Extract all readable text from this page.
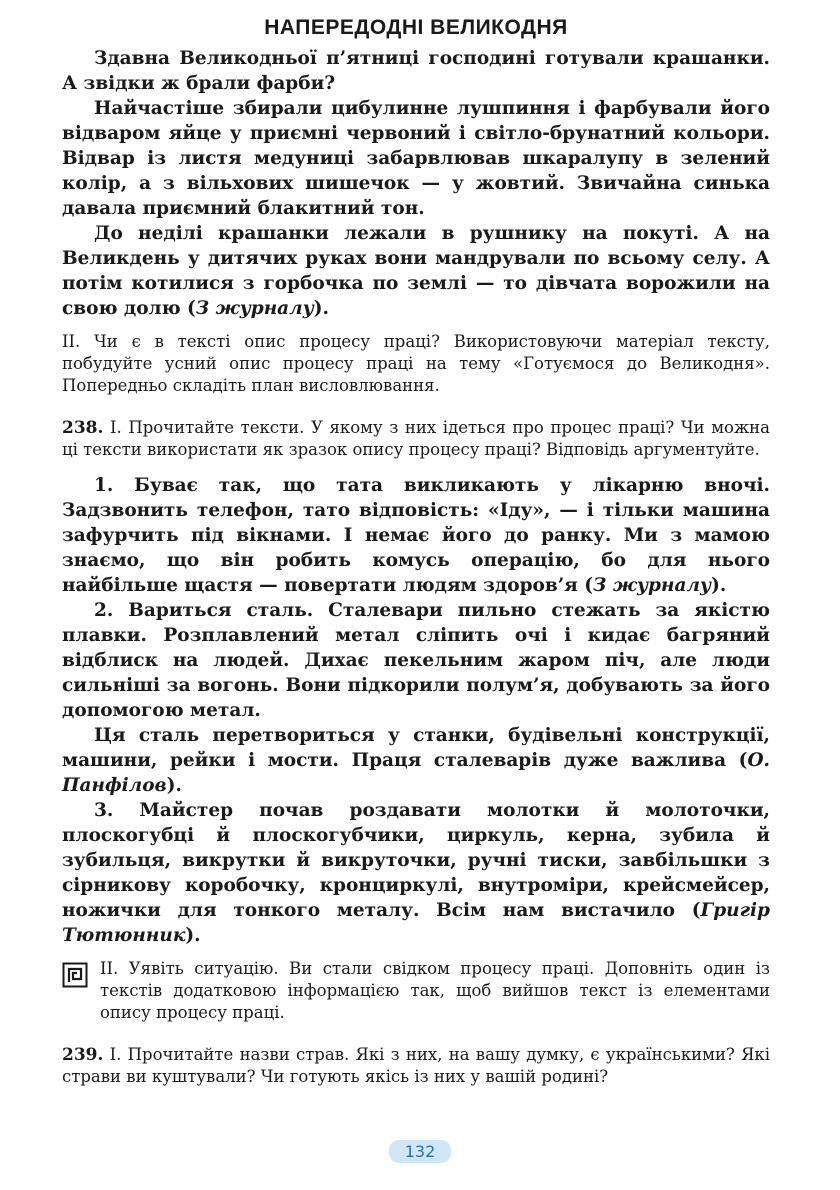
НАПЕРЕДОДНІ ВЕЛИКОДНЯ

Здавна Великодньої п’ятниці господині готували крашанки. А звідки ж брали фарби?

Найчастіше збирали цибулинне лушпиння і фарбували його відваром яйце у приємні червоний і світло-брунатний кольори. Відвар із листя медуниці забарвлював шкаралупу в зелений колір, а з вільхових шишечок — у жовтий. Звичайна синька давала приємний блакитний тон.

До неділі крашанки лежали в рушнику на покуті. А на Великдень у дитячих руках вони мандрували по всьому селу. А потім котилися з горбочка по землі — то дівчата ворожили на свою долю (З журналу).

ІІ. Чи є в тексті опис процесу праці? Використовуючи матеріал тексту, побудуйте усний опис процесу праці на тему «Готуємося до Великодня». Попередньо складіть план висловлювання.

238. І. Прочитайте тексти. У якому з них ідеться про процес праці? Чи можна ці тексти використати як зразок опису процесу праці? Відповідь аргументуйте.

1. Буває так, що тата викликають у лікарню вночі. Задзвонить телефон, тато відповість: «Іду», — і тільки машина зафурчить під вікнами. І немає його до ранку. Ми з мамою знаємо, що він робить комусь операцію, бо для нього найбільше щастя — повертати людям здоров’я (З журналу).

2. Вариться сталь. Сталевари пильно стежать за якістю плавки. Розплавлений метал сліпить очі і кидає багряний відблиск на людей. Дихає пекельним жаром піч, але люди сильніші за вогонь. Вони підкорили полум’я, добувають за його допомогою метал.

Ця сталь перетвориться у станки, будівельні конструкції, машини, рейки і мости. Праця сталеварів дуже важлива (О. Панфілов).

3. Майстер почав роздавати молотки й молоточки, плоскогубці й плоскогубчики, циркуль, керна, зубила й зубильця, викрутки й викруточки, ручні тиски, завбільшки з сірникову коробочку, кронциркулі, внутроміри, крейсмейсер, ножички для тонкого металу. Всім нам вистачило (Григір Тютюнник).

ІІ. Уявіть ситуацію. Ви стали свідком процесу праці. Доповніть один із текстів додатковою інформацією так, щоб вийшов текст із елементами опису процесу праці.

239. І. Прочитайте назви страв. Які з них, на вашу думку, є українськими? Які страви ви куштували? Чи готують якісь із них у вашій родині?

132
